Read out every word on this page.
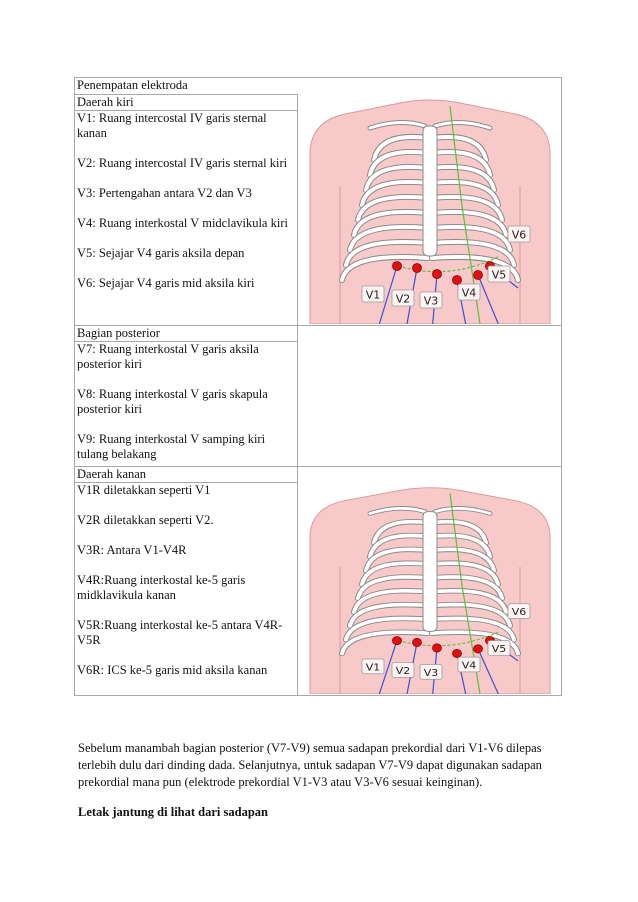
Penempatan elektroda

Daerah kiri

V1: Ruang intercostal IV garis sternal kanan

V2: Ruang intercostal IV garis sternal kiri

V3: Pertengahan antara V2 dan V3

V4: Ruang interkostal V midclavikula kiri

V5: Sejajar V4 garis aksila depan

V6: Sejajar V4 garis mid aksila kiri

Bagian posterior

V7: Ruang interkostal V garis aksila posterior kiri

V8: Ruang interkostal V garis skapula posterior kiri

V9: Ruang interkostal V samping kiri tulang belakang

Daerah kanan

V1R diletakkan seperti V1

V2R diletakkan seperti V2.

V3R: Antara V1-V4R

V4R:Ruang interkostal ke-5 garis midklavikula kanan

V5R:Ruang interkostal ke-5 antara V4R-V5R

V6R: ICS ke-5 garis mid aksila kanan

V1 V2 V3
V4
V5
V6
V1 V2 V3
V4
V5
V6

Sebelum manambah bagian posterior (V7-V9) semua sadapan prekordial dari V1-V6 dilepas terlebih dulu dari dinding dada. Selanjutnya, untuk sadapan V7-V9 dapat digunakan sadapan prekordial mana pun (elektrode prekordial V1-V3 atau V3-V6 sesuai keinginan).

Letak jantung di lihat dari sadapan
